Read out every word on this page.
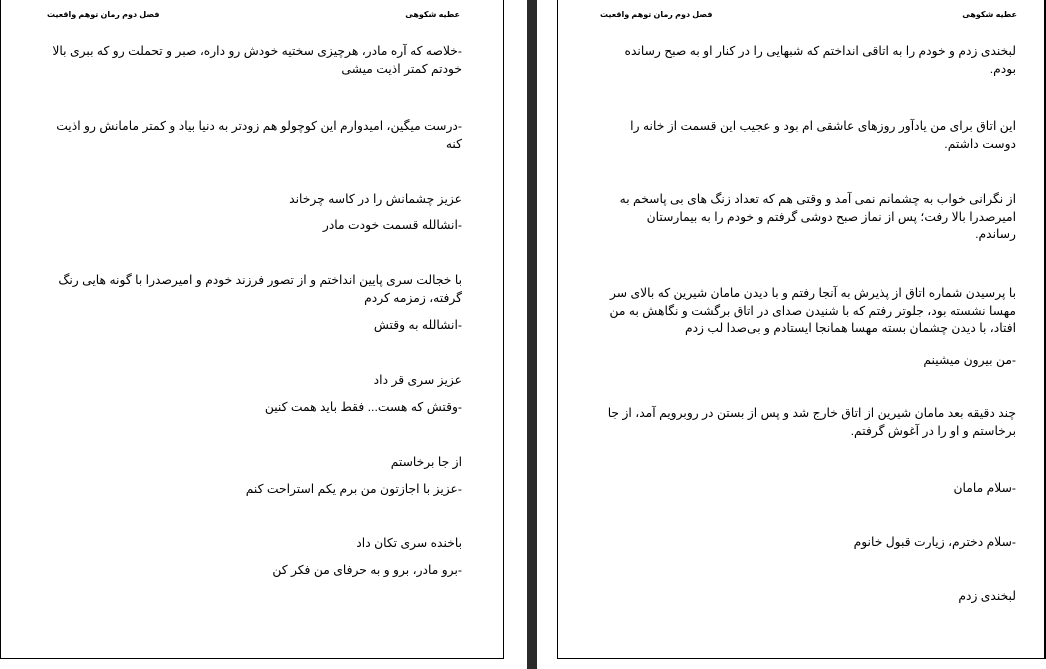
عطیه شکوهی
فصل دوم رمان توهم واقعیت

-خلاصه که آره مادر، هرچیزی سختیه خودش رو داره، صبر و تحملت رو که ببری بالا خودتم کمتر اذیت میشی

-درست میگین، امیدوارم این کوچولو هم زودتر به دنیا بیاد و کمتر مامانش رو اذیت کنه

عزیز چشمانش را در کاسه چرخاند

-انشالله قسمت خودت مادر

با خجالت سری پایین انداختم و از تصور فرزند خودم و امیرصدرا با گونه هایی رنگ گرفته، زمزمه کردم

-انشالله به وقتش

عزیز سری قر داد

-وقتش که هست... فقط باید همت کنین

از جا برخاستم

-عزیز با اجازتون من برم یکم استراحت کنم

باخنده سری تکان داد

-برو مادر، برو و به حرفای من فکر کن

عطیه شکوهی
فصل دوم رمان توهم واقعیت

لبخندی زدم و خودم را به اتاقی انداختم که شبهایی را در کنار او به صبح رسانده بودم.

این اتاق برای من یادآور روزهای عاشقی ام بود و عجیب این قسمت از خانه را دوست داشتم.

از نگرانی خواب به چشمانم نمی آمد و وقتی هم که تعداد زنگ های بی پاسخم به امیرصدرا بالا رفت؛ پس از نماز صبح دوشی گرفتم و خودم را به بیمارستان رساندم.

با پرسیدن شماره اتاق از پذیرش به آنجا رفتم و با دیدن مامان شیرین که بالای سر مهسا نشسته بود، جلوتر رفتم که با شنیدن صدای در اتاق برگشت و نگاهش به من افتاد، با دیدن چشمان بسته مهسا همانجا ایستادم و بی‌صدا لب زدم

-من بیرون میشینم

چند دقیقه بعد مامان شیرین از اتاق خارج شد و پس از بستن در روبرویم آمد، از جا برخاستم و او را در آغوش گرفتم.

-سلام مامان

-سلام دخترم، زیارت قبول خانوم

لبخندی زدم
